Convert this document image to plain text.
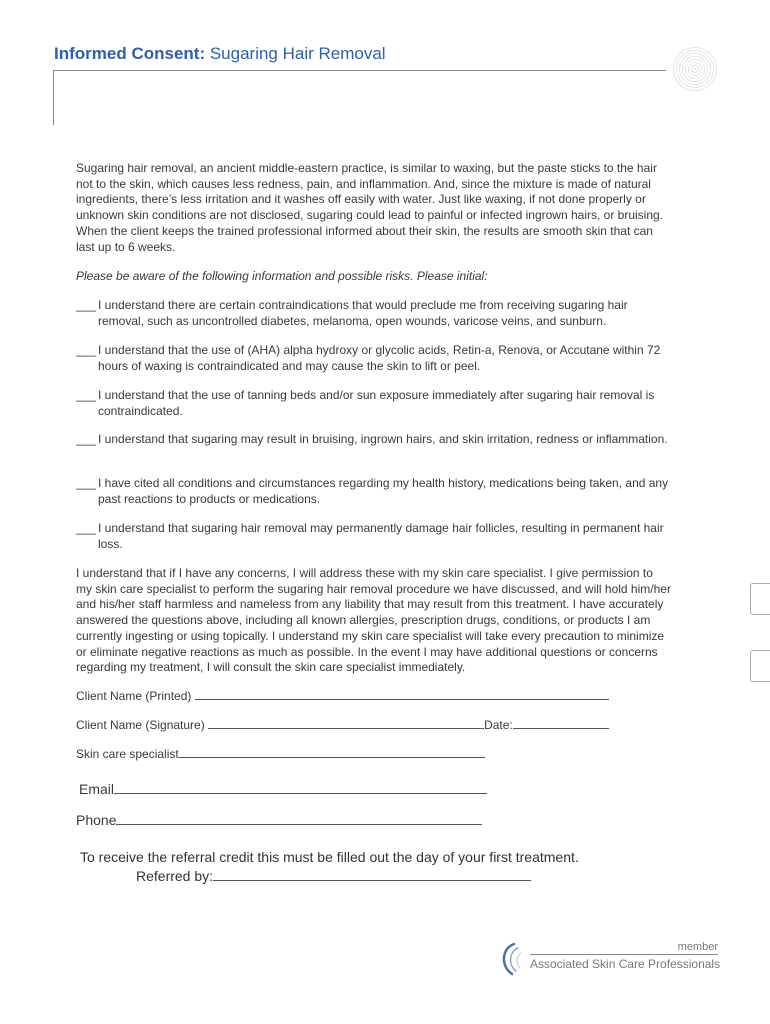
Informed Consent: Sugaring Hair Removal

Sugaring hair removal, an ancient middle-eastern practice, is similar to waxing, but the paste sticks to the hair not to the skin, which causes less redness, pain, and inflammation. And, since the mixture is made of natural ingredients, there’s less irritation and it washes off easily with water. Just like waxing, if not done properly or unknown skin conditions are not disclosed, sugaring could lead to painful or infected ingrown hairs, or bruising. When the client keeps the trained professional informed about their skin, the results are smooth skin that can last up to 6 weeks.

Please be aware of the following information and possible risks. Please initial:

___ I understand there are certain contraindications that would preclude me from receiving sugaring hair removal, such as uncontrolled diabetes, melanoma, open wounds, varicose veins, and sunburn.
___ I understand that the use of (AHA) alpha hydroxy or glycolic acids, Retin-a, Renova, or Accutane within 72 hours of waxing is contraindicated and may cause the skin to lift or peel.
___ I understand that the use of tanning beds and/or sun exposure immediately after sugaring hair removal is contraindicated.
___ I understand that sugaring may result in bruising, ingrown hairs, and skin irritation, redness or inflammation.
___ I have cited all conditions and circumstances regarding my health history, medications being taken, and any past reactions to products or medications.
___ I understand that sugaring hair removal may permanently damage hair follicles, resulting in permanent hair loss.

I understand that if I have any concerns, I will address these with my skin care specialist. I give permission to my skin care specialist to perform the sugaring hair removal procedure we have discussed, and will hold him/her and his/her staff harmless and nameless from any liability that may result from this treatment. I have accurately answered the questions above, including all known allergies, prescription drugs, conditions, or products I am currently ingesting or using topically. I understand my skin care specialist will take every precaution to minimize or eliminate negative reactions as much as possible. In the event I may have additional questions or concerns regarding my treatment, I will consult the skin care specialist immediately.

Client Name (Printed)
Client Name (Signature)	Date:
Skin care specialist
Email
Phone
To receive the referral credit this must be filled out the day of your first treatment.
Referred by:
member
Associated Skin Care Professionals
